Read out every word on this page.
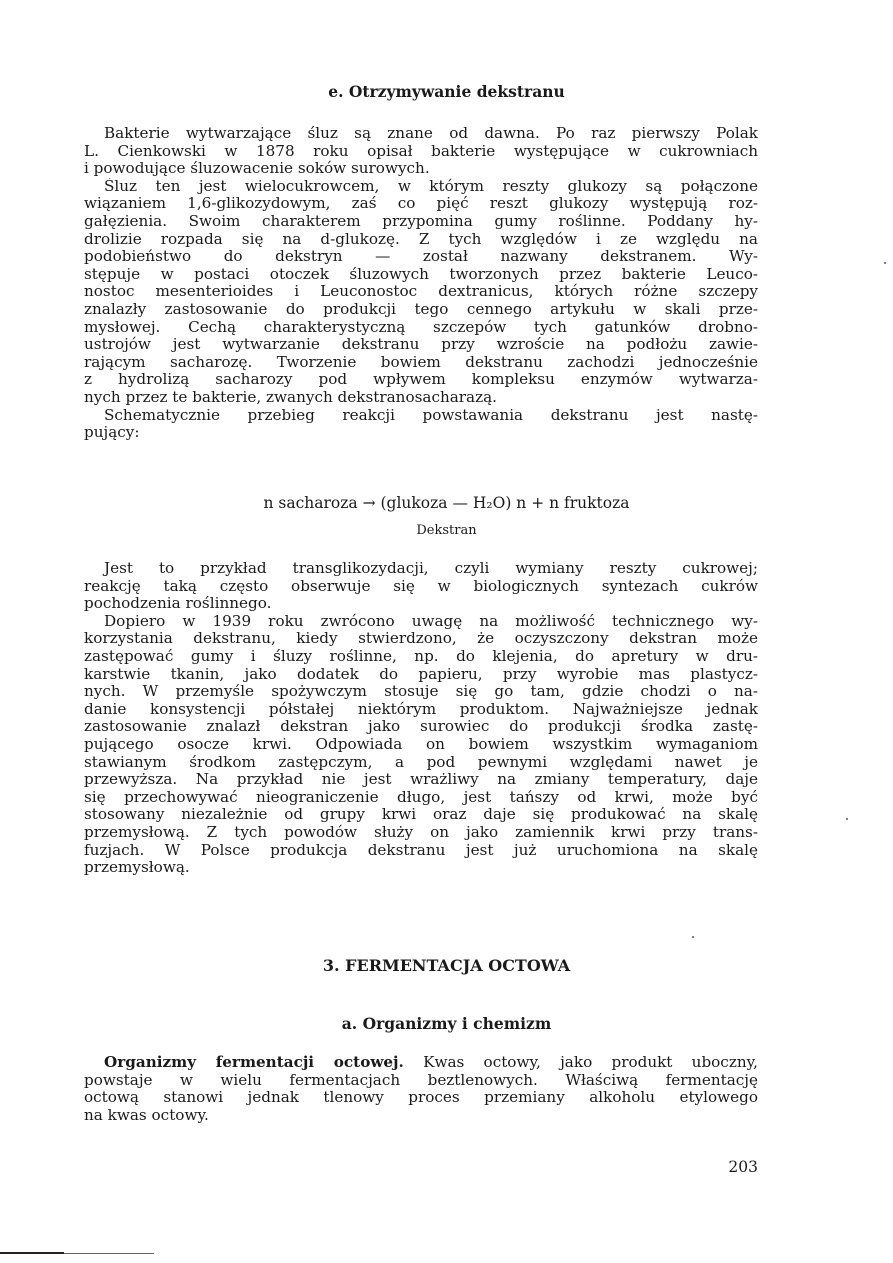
e. Otrzymywanie dekstranu
Bakterie wytwarzające śluz są znane od dawna. Po raz pierwszy Polak
L. Cienkowski w 1878 roku opisał bakterie występujące w cukrowniach
i powodujące śluzowacenie soków surowych.
Śluz ten jest wielocukrowcem, w którym reszty glukozy są połączone
wiązaniem 1,6-glikozydowym, zaś co pięć reszt glukozy występują roz-
gałęzienia. Swoim charakterem przypomina gumy roślinne. Poddany hy-
drolizie rozpada się na d-glukozę. Z tych względów i ze względu na
podobieństwo do dekstryn — został nazwany dekstranem. Wy-
stępuje w postaci otoczek śluzowych tworzonych przez bakterie Leuco-
nostoc mesenterioides i Leuconostoc dextranicus, których różne szczepy
znalazły zastosowanie do produkcji tego cennego artykułu w skali prze-
mysłowej. Cechą charakterystyczną szczepów tych gatunków drobno-
ustrojów jest wytwarzanie dekstranu przy wzroście na podłożu zawie-
rającym sacharozę. Tworzenie bowiem dekstranu zachodzi jednocześnie
z hydrolizą sacharozy pod wpływem kompleksu enzymów wytwarza-
nych przez te bakterie, zwanych dekstranosacharazą.
Schematycznie przebieg reakcji powstawania dekstranu jest nastę-
pujący:

n sacharoza → (glukoza — H₂O) n + n fruktoza

Dekstran

Jest to przykład transglikozydacji, czyli wymiany reszty cukrowej;
reakcję taką często obserwuje się w biologicznych syntezach cukrów
pochodzenia roślinnego.
Dopiero w 1939 roku zwrócono uwagę na możliwość technicznego wy-
korzystania dekstranu, kiedy stwierdzono, że oczyszczony dekstran może
zastępować gumy i śluzy roślinne, np. do klejenia, do apretury w dru-
karstwie tkanin, jako dodatek do papieru, przy wyrobie mas plastycz-
nych. W przemyśle spożywczym stosuje się go tam, gdzie chodzi o na-
danie konsystencji półstałej niektórym produktom. Najważniejsze jednak
zastosowanie znalazł dekstran jako surowiec do produkcji środka zastę-
pującego osocze krwi. Odpowiada on bowiem wszystkim wymaganiom
stawianym środkom zastępczym, a pod pewnymi względami nawet je
przewyższa. Na przykład nie jest wrażliwy na zmiany temperatury, daje
się przechowywać nieograniczenie długo, jest tańszy od krwi, może być
stosowany niezależnie od grupy krwi oraz daje się produkować na skalę
przemysłową. Z tych powodów służy on jako zamiennik krwi przy trans-
fuzjach. W Polsce produkcja dekstranu jest już uruchomiona na skalę
przemysłową.
3. FERMENTACJA OCTOWA
a. Organizmy i chemizm
Organizmy fermentacji octowej. Kwas octowy, jako produkt uboczny,
powstaje w wielu fermentacjach beztlenowych. Właściwą fermentację
octową stanowi jednak tlenowy proces przemiany alkoholu etylowego
na kwas octowy.

203
